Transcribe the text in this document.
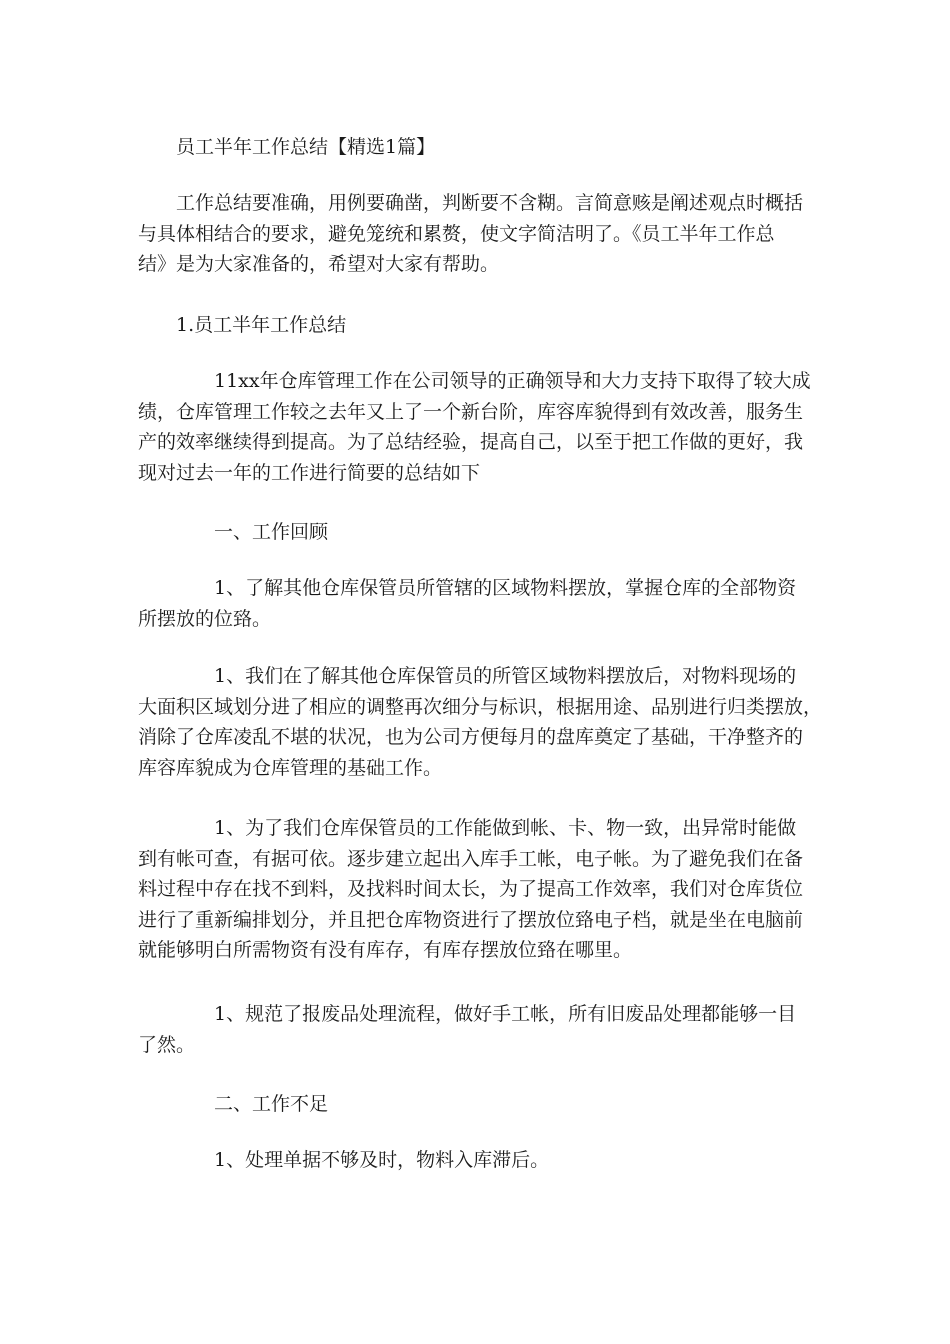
员工半年工作总结【精选1篇】

工作总结要准确，用例要确凿，判断要不含糊。言简意赅是阐述观点时概括
与具体相结合的要求，避免笼统和累赘，使文字简洁明了。《员工半年工作总
结》是为大家准备的，希望对大家有帮助。

1.员工半年工作总结

11xx年仓库管理工作在公司领导的正确领导和大力支持下取得了较大成
绩，仓库管理工作较之去年又上了一个新台阶，库容库貌得到有效改善，服务生
产的效率继续得到提高。为了总结经验，提高自己，以至于把工作做的更好，我
现对过去一年的工作进行简要的总结如下

一、工作回顾

1、了解其他仓库保管员所管辖的区域物料摆放，掌握仓库的全部物资
所摆放的位臵。

1、我们在了解其他仓库保管员的所管区域物料摆放后，对物料现场的
大面积区域划分进了相应的调整再次细分与标识，根据用途、品别进行归类摆放，
消除了仓库凌乱不堪的状况，也为公司方便每月的盘库奠定了基础，干净整齐的
库容库貌成为仓库管理的基础工作。

1、为了我们仓库保管员的工作能做到帐、卡、物一致，出异常时能做
到有帐可查，有据可依。逐步建立起出入库手工帐，电子帐。为了避免我们在备
料过程中存在找不到料，及找料时间太长，为了提高工作效率，我们对仓库货位
进行了重新编排划分，并且把仓库物资进行了摆放位臵电子档，就是坐在电脑前
就能够明白所需物资有没有库存，有库存摆放位臵在哪里。

1、规范了报废品处理流程，做好手工帐，所有旧废品处理都能够一目
了然。

二、工作不足

1、处理单据不够及时，物料入库滞后。
